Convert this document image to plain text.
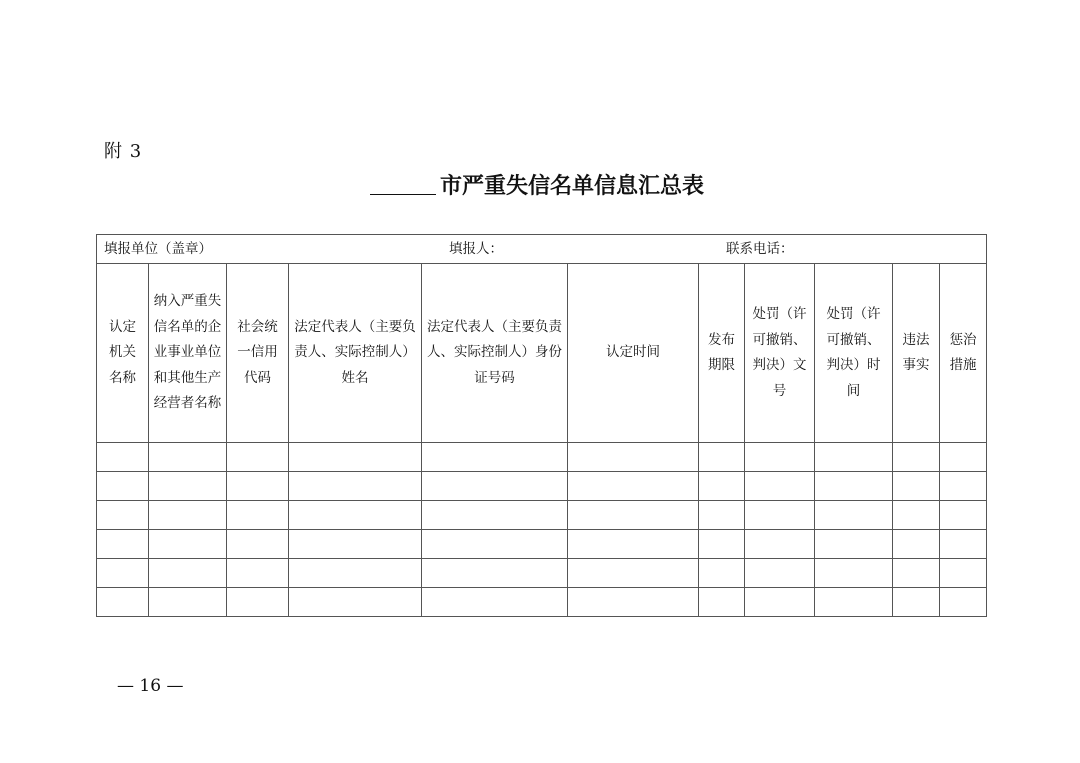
附 3
市严重失信名单信息汇总表
填报单位（盖章） 填报人： 联系电话：										

认定机关名称	纳入严重失信名单的企业事业单位和其他生产经营者名称	社会统一信用代码	法定代表人（主要负责人、实际控制人）姓名	法定代表人（主要负责人、实际控制人）身份证号码	认定时间	发布期限	处罚（许可撤销、判决）文号	处罚（许可撤销、判决）时间	违法事实	惩治措施

— 16 —
